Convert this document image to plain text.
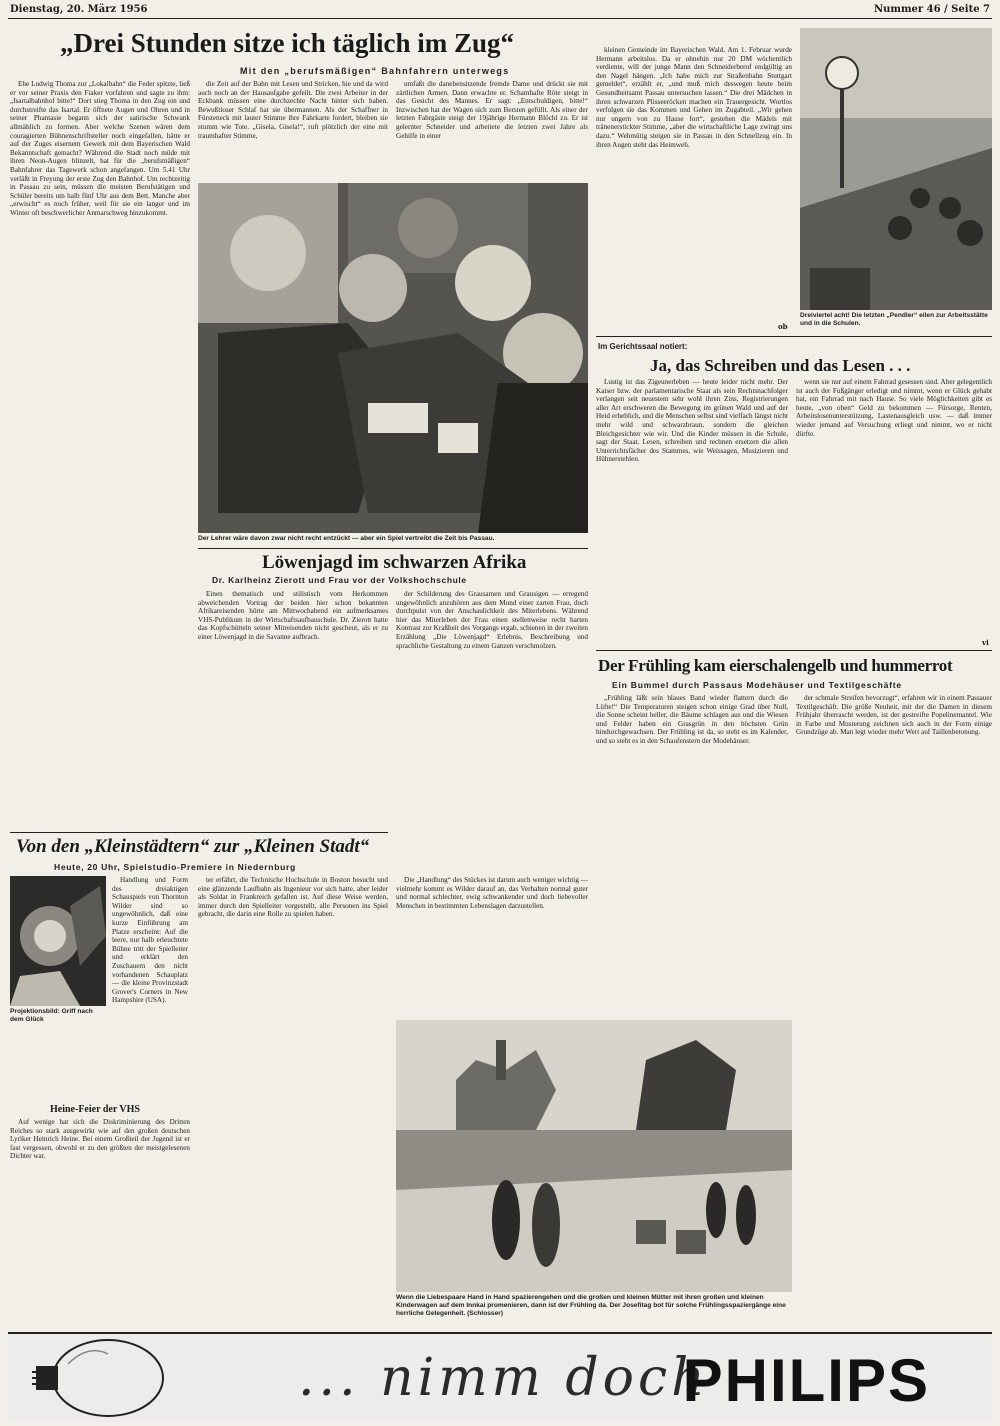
Dienstag, 20. März 1956	Nummer 46 / Seite 7
„Drei Stunden sitze ich täglich im Zug“
Mit den „berufsmäßigen“ Bahnfahrern unterwegs

Ehe Ludwig Thoma zur „Lokalbahn“ die Feder spitzte, ließ er vor seiner Praxis den Fiaker vorfahren und sagte zu ihm: „Isartalbahnhof bitte!“ Dort stieg Thoma in den Zug ein und durchstreifte das Isartal. Er öffnete Augen und Ohren und in seiner Phantasie begann sich der satirische Schwank allmählich zu formen. Aber welche Szenen wären dem couragierten Bühnenschriftsteller noch eingefallen, hätte er auf der Zuges eisernem Gewerk mit dem Bayerischen Wald Bekanntschaft gemacht? Während die Stadt noch müde mit ihren Neon-Augen blinzelt, hat für die „berufsmäßigen“ Bahnfahrer das Tagewerk schon angefangen. Um 5.41 Uhr verläßt in Freyung der erste Zug den Bahnhof. Um rechtzeitig in Passau zu sein, müssen die meisten Berufstätigen und Schüler bereits um halb fünf Uhr aus dem Bett. Manche aber „erwischt“ es noch früher, weil für sie ein langer und im Winter oft beschwerlicher Anmarschweg hinzukommt.

die Zeit auf der Bahn mit Lesen und Stricken, hie und da wird auch noch an der Hausaufgabe gefeilt. Die zwei Arbeiter in der Eckbank müssen eine durchzechte Nacht hinter sich haben. Bewußtloser Schlaf hat sie übermannen. Als der Schaffner in Fürsteneck mit lauter Stimme ihre Fahrkarte fordert, bleiben sie stumm wie Tote. „Gisela, Gisela!“, ruft plötzlich der eine mit traumhafter Stimme,

umfaßt die danebensitzende fremde Dame und drückt sie mit zärtlichen Armen. Dann erwachte er. Schamhafte Röte steigt in das Gesicht des Mannes. Er sagt: „Entschuldigen, bitte!“ Inzwischen hat der Wagen sich zum Bersten gefüllt. Als einer der letzten Fahrgäste steigt der 19jährige Hermann Blöchl zu. Er ist gelernter Schneider und arbeitete die letzten zwei Jahre als Gehilfe in einer

Der Lehrer wäre davon zwar nicht recht entzückt — aber ein Spiel vertreibt die Zeit bis Passau.

kleinen Gemeinde im Bayerischen Wald. Am 1. Februar wurde Hermann arbeitslos. Da er ohnehin nur 20 DM wöchentlich verdiente, will der junge Mann den Schneiderberuf endgültig an den Nagel hängen. „Ich habe mich zur Straßenbahn Stuttgart gemeldet“, erzählt er, „und muß mich deswegen heute beim Gesundheitsamt Passau untersuchen lassen.“ Die drei Mädchen in ihren schwarzen Plisseeröcken machen ein Trauergesicht. Wortlos verfolgen sie das Kommen und Gehen im Zugabteil. „Wir gehen nur ungern von zu Hause fort“, gestehen die Mädels mit tränenerstickter Stimme, „aber die wirtschaftliche Lage zwingt uns dazu.“ Wehmütig steigen sie in Passau in den Schnellzug ein. In ihren Augen steht das Heimweh.

ob
Dreiviertel acht! Die letzten „Pendler“ eilen zur Arbeitsstätte und in die Schulen.
Im Gerichtssaal notiert:
Ja, das Schreiben und das Lesen . . .

Lustig ist das Zigeunerleben — heute leider nicht mehr. Der Kaiser bzw. der parlamentarische Staat als sein Rechtsnachfolger verlangen seit neuestem sehr wohl ihren Zins, Registrierungen aller Art erschweren die Bewegung im grünen Wald und auf der Heid erheblich, und die Menschen selbst sind vielfach längst nicht mehr wild und schwarzbraun, sondern die gleichen Bleichgesichter wie wir. Und die Kinder müssen in die Schule, sagt der Staat. Lesen, schreiben und rechnen ersetzen die allen Unterrichtsfächer des Stammes, wie Weissagen, Musizieren und Hühnerstehlen.

wenn sie nur auf einem Fahrrad gesessen sind. Aber gelegentlich ist auch der Fußgänger erledigt und nimmt, wenn er Glück gehabt hat, ein Fahrrad mit nach Hause. So viele Möglichkeiten gibt es heute, „von oben“ Geld zu bekommen — Fürsorge, Renten, Arbeitslosenunterstützung, Lastenausgleich usw. — daß immer wieder jemand auf Versuchung erliegt und nimmt, wo er nicht dürfte.

vi
Löwenjagd im schwarzen Afrika
Dr. Karlheinz Zierott und Frau vor der Volkshochschule

Einen thematisch und stilistisch vom Herkommen abweichenden Vortrag der beiden hier schon bekannten Afrikareisenden hörte am Mittwochabend ein aufmerksames VHS-Publikum in der Wirtschaftsaufbauschule. Dr. Zierott hatte das Kopfschütteln seiner Mitreisenden nicht gescheut, als er zu einer Löwenjagd in die Savanne aufbrach.

der Schilderung des Grausamen und Grausigen — erregend ungewöhnlich anzuhören aus dem Mund einer zarten Frau, doch durchpulst von der Anschaulichkeit des Miterlebens. Während hier das Miterleben der Frau einen stellenweise recht harten Kontrast zur Kraßheit des Vorgangs ergab, schienen in der zweiten Erzählung „Die Löwenjagd“ Erlebnis, Beschreibung und sprachliche Gestaltung zu einem Ganzen verschmolzen.

Der Frühling kam eierschalengelb und hummerrot
Ein Bummel durch Passaus Modehäuser und Textilgeschäfte

„Frühling läßt sein blaues Band wieder flattern durch die Lüfte!“ Die Temperaturen steigen schon einige Grad über Null, die Sonne scheint heller, die Bäume schlagen aus und die Wiesen und Felder haben ein Grasgrün in den höchsten Grün hindurchgewachsen. Der Frühling ist da, so steht es im Kalender, und so steht es in den Schaufenstern der Modehäuser.

der schmale Streifen bevorzugt“, erfahren wir in einem Passauer Textilgeschäft. Die größe Neuheit, mit der die Damen in diesem Frühjahr überrascht werden, ist der gestreifte Popelinemantel. Wie in Farbe und Musterung zeichnen sich auch in der Form einige Grundzüge ab. Man legt wieder mehr Wert auf Taillenbetonung.

Von den „Kleinstädtern“ zur „Kleinen Stadt“
Heute, 20 Uhr, Spielstudio-Premiere in Niedernburg
Projektionsbild: Griff nach dem Glück

Handlung und Form des dreiaktigen Schauspiels von Thornton Wilder sind so ungewöhnlich, daß eine kurze Einführung am Platze erscheint: Auf die leere, nur halb erleuchtete Bühne tritt der Spielleiter und erklärt den Zuschauern den nicht vorhandenen Schauplatz — die kleine Provinzstadt Grover's Corners in New Hampshire (USA).

ter erfährt, die Technische Hochschule in Boston besucht und eine glänzende Laufbahn als Ingenieur vor sich hatte, aber leider als Soldat in Frankreich gefallen ist. Auf diese Weise werden, immer durch den Spielleiter vorgestellt, alle Personen ins Spiel gebracht, die darin eine Rolle zu spielen haben.

Die „Handlung“ des Stückes ist darum auch weniger wichtig — vielmehr kommt es Wilder darauf an, das Verhalten normal guter und normal schlechter, ewig schwankender und doch liebevoller Menschen in bestimmten Lebenslagen darzustellen.

Heine-Feier der VHS

Auf wenige hat sich die Diskriminierung des Dritten Reiches so stark ausgewirkt wie auf den großen deutschen Lyriker Heinrich Heine. Bei einem Großteil der Jugend ist er fast vergessen, obwohl er zu den größten der meistgelesenen Dichter war.

Wenn die Liebespaare Hand in Hand spazierengehen und die großen und kleinen Mütter mit ihren großen und kleinen Kinderwagen auf dem Innkai promenieren, dann ist der Frühling da. Der Josefitag bot für solche Frühlingsspaziergänge eine herrliche Gelegenheit. (Schlosser)
... nimm doch
PHILIPS
